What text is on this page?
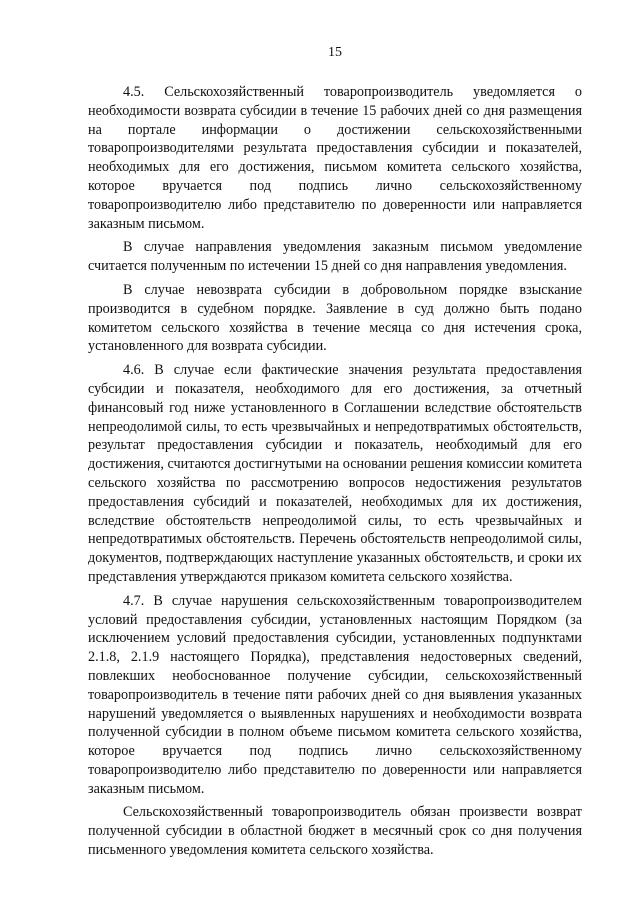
15

4.5. Сельскохозяйственный товаропроизводитель уведомляется о необходимости возврата субсидии в течение 15 рабочих дней со дня размещения на портале информации о достижении сельскохозяйственными товаропроизводителями результата предоставления субсидии и показателей, необходимых для его достижения, письмом комитета сельского хозяйства, которое вручается под подпись лично сельскохозяйственному товаропроизводителю либо представителю по доверенности или направляется заказным письмом.

В случае направления уведомления заказным письмом уведомление считается полученным по истечении 15 дней со дня направления уведомления.

В случае невозврата субсидии в добровольном порядке взыскание производится в судебном порядке. Заявление в суд должно быть подано комитетом сельского хозяйства в течение месяца со дня истечения срока, установленного для возврата субсидии.

4.6. В случае если фактические значения результата предоставления субсидии и показателя, необходимого для его достижения, за отчетный финансовый год ниже установленного в Соглашении вследствие обстоятельств непреодолимой силы, то есть чрезвычайных и непредотвратимых обстоятельств, результат предоставления субсидии и показатель, необходимый для его достижения, считаются достигнутыми на основании решения комиссии комитета сельского хозяйства по рассмотрению вопросов недостижения результатов предоставления субсидий и показателей, необходимых для их достижения, вследствие обстоятельств непреодолимой силы, то есть чрезвычайных и непредотвратимых обстоятельств. Перечень обстоятельств непреодолимой силы, документов, подтверждающих наступление указанных обстоятельств, и сроки их представления утверждаются приказом комитета сельского хозяйства.

4.7. В случае нарушения сельскохозяйственным товаропроизводителем условий предоставления субсидии, установленных настоящим Порядком (за исключением условий предоставления субсидии, установленных подпунктами 2.1.8, 2.1.9 настоящего Порядка), представления недостоверных сведений, повлекших необоснованное получение субсидии, сельскохозяйственный товаропроизводитель в течение пяти рабочих дней со дня выявления указанных нарушений уведомляется о выявленных нарушениях и необходимости возврата полученной субсидии в полном объеме письмом комитета сельского хозяйства, которое вручается под подпись лично сельскохозяйственному товаропроизводителю либо представителю по доверенности или направляется заказным письмом.

Сельскохозяйственный товаропроизводитель обязан произвести возврат полученной субсидии в областной бюджет в месячный срок со дня получения письменного уведомления комитета сельского хозяйства.
